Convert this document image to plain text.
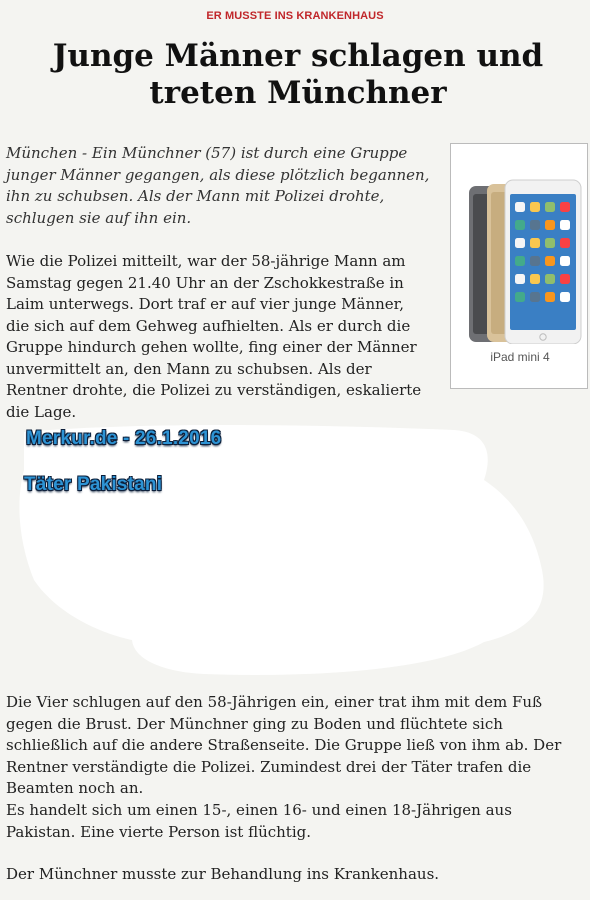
ER MUSSTE INS KRANKENHAUS
Junge Männer schlagen und treten Münchner

München - Ein Münchner (57) ist durch eine Gruppe junger Männer gegangen, als diese plötzlich begannen, ihn zu schubsen. Als der Mann mit Polizei drohte, schlugen sie auf ihn ein.

Wie die Polizei mitteilt, war der 58-jährige Mann am Samstag gegen 21.40 Uhr an der Zschokkestraße in Laim unterwegs. Dort traf er auf vier junge Männer, die sich auf dem Gehweg aufhielten. Als er durch die Gruppe hindurch gehen wollte, fing einer der Männer unvermittelt an, den Mann zu schubsen. Als der Rentner drohte, die Polizei zu verständigen, eskalierte die Lage.

iPad mini 4
Merkur.de - 26.1.2016
Täter Pakistani

Die Vier schlugen auf den 58-Jährigen ein, einer trat ihm mit dem Fuß gegen die Brust. Der Münchner ging zu Boden und flüchtete sich schließlich auf die andere Straßenseite. Die Gruppe ließ von ihm ab. Der Rentner verständigte die Polizei. Zumindest drei der Täter trafen die Beamten noch an.

Es handelt sich um einen 15-, einen 16- und einen 18-Jährigen aus Pakistan. Eine vierte Person ist flüchtig.

Der Münchner musste zur Behandlung ins Krankenhaus.
